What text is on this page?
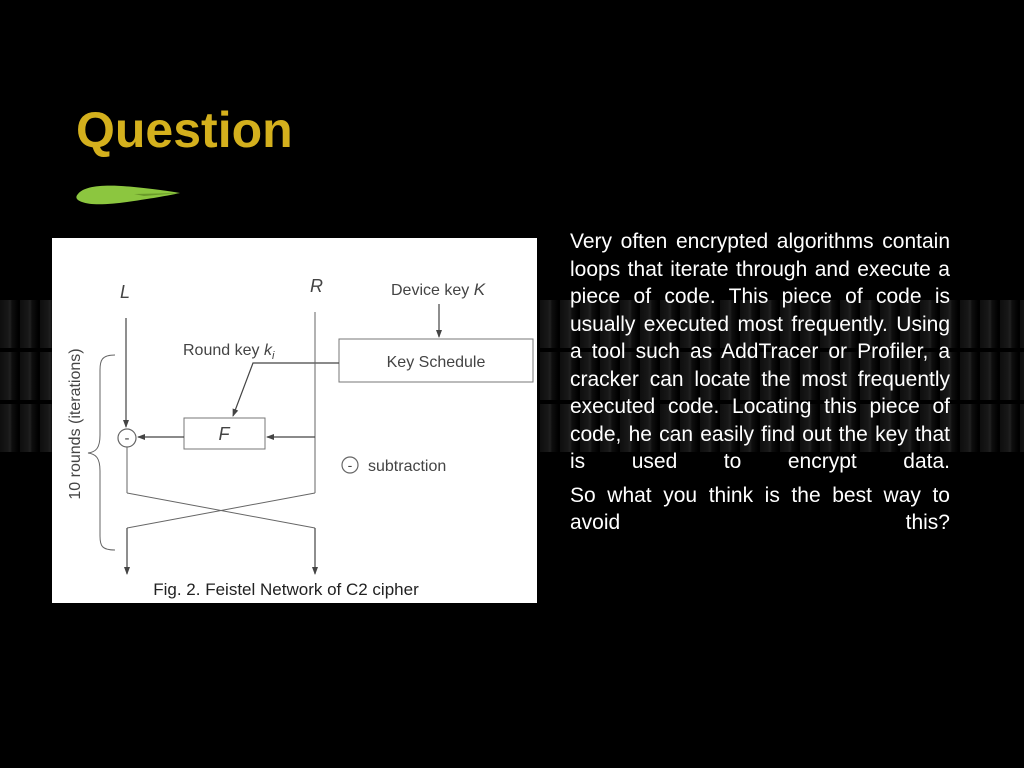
Question
L	R	Device key K
Key Schedule
Round key $k_i$
F
-
- subtraction
10 rounds (iterations)
Fig. 2. Feistel Network of C2 cipher

Very often encrypted algorithms contain loops that iterate through and execute a piece of code. This piece of code is usually executed most frequently. Using a tool such as AddTracer or Profiler, a cracker can locate the most frequently executed code. Locating this piece of code, he can easily find out the key that is used to encrypt data.

So what you think is the best way to avoid this?
